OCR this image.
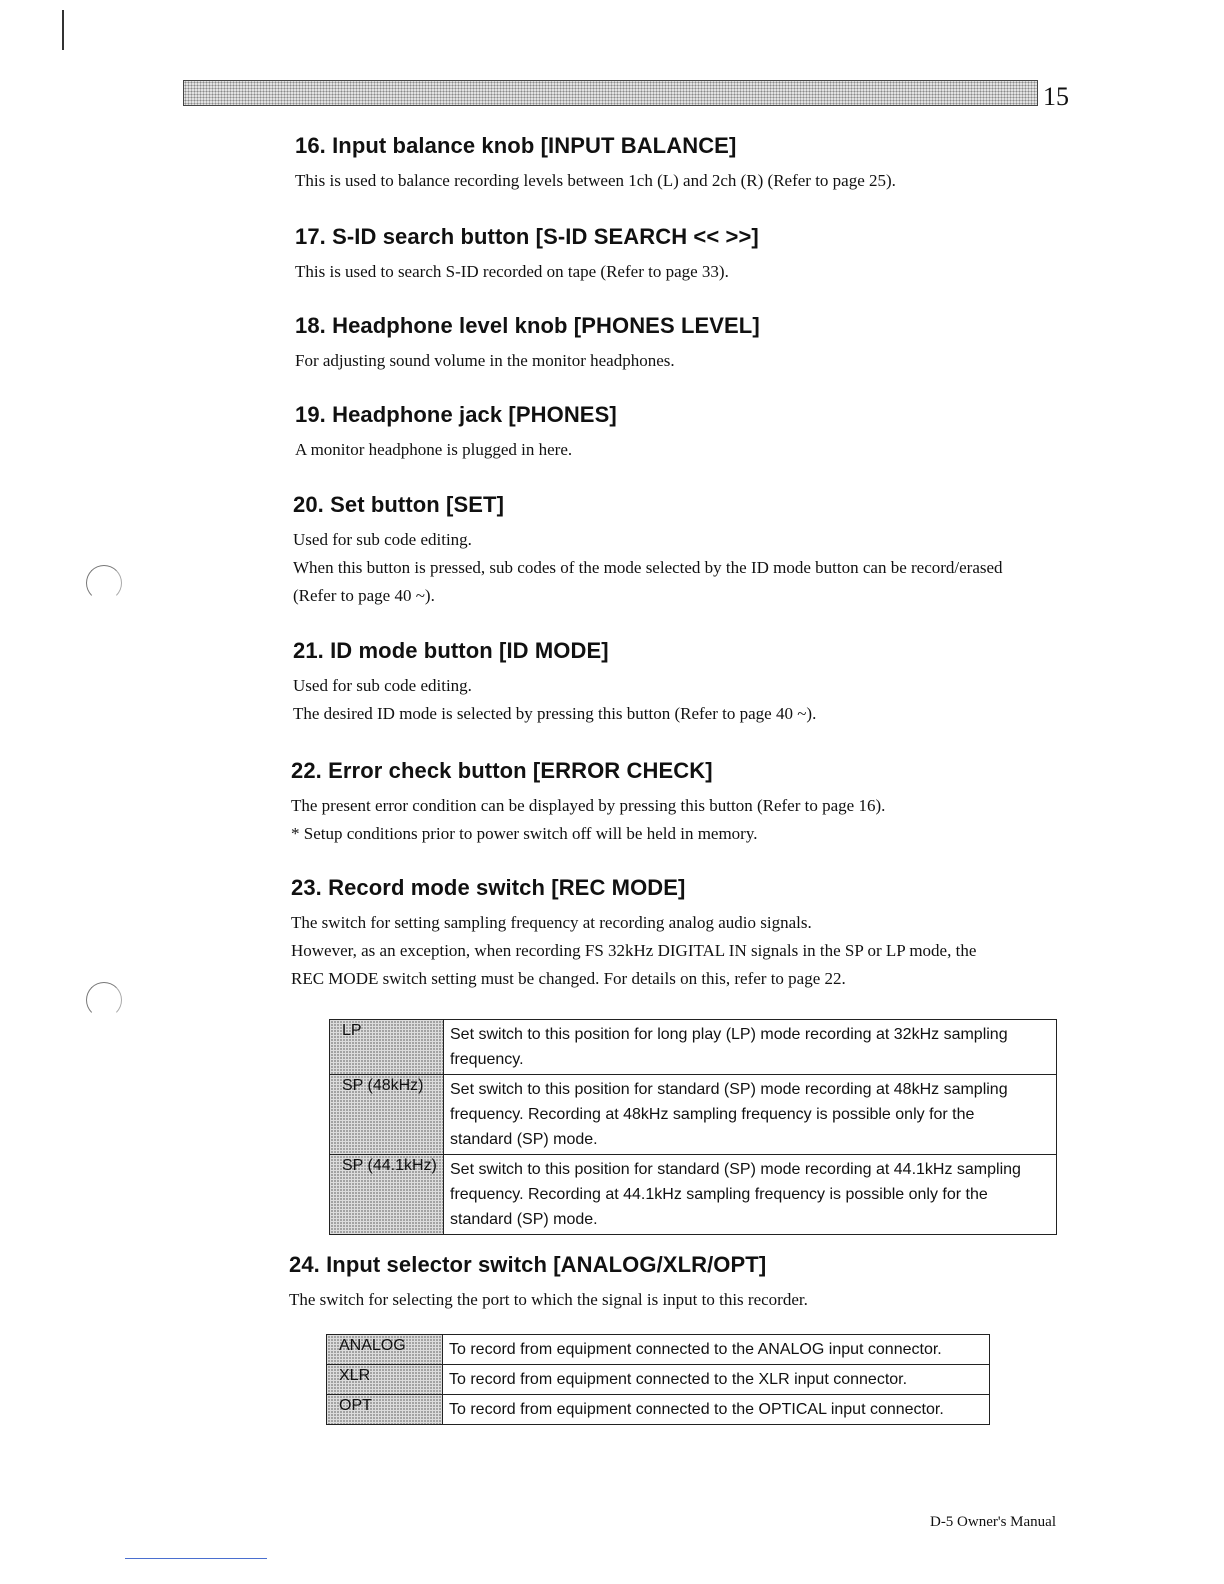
15
16. Input balance knob [INPUT BALANCE]

This is used to balance recording levels between 1ch (L) and 2ch (R) (Refer to page 25).

17. S-ID search button [S-ID SEARCH << >>]

This is used to search S-ID recorded on tape (Refer to page 33).

18. Headphone level knob [PHONES LEVEL]

For adjusting sound volume in the monitor headphones.

19. Headphone jack [PHONES]

A monitor headphone is plugged in here.

20. Set button [SET]

Used for sub code editing.

When this button is pressed, sub codes of the mode selected by the ID mode button can be record/erased

(Refer to page 40 ~).

21. ID mode button [ID MODE]

Used for sub code editing.

The desired ID mode is selected by pressing this button (Refer to page 40 ~).

22. Error check button [ERROR CHECK]

The present error condition can be displayed by pressing this button (Refer to page 16).

* Setup conditions prior to power switch off will be held in memory.

23. Record mode switch [REC MODE]

The switch for setting sampling frequency at recording analog audio signals.

However, as an exception, when recording FS 32kHz DIGITAL IN signals in the SP or LP mode, the

REC MODE switch setting must be changed. For details on this, refer to page 22.

LP	Set switch to this position for long play (LP) mode recording at 32kHz sampling
frequency.

SP (48kHz)	Set switch to this position for standard (SP) mode recording at 48kHz sampling
frequency. Recording at 48kHz sampling frequency is possible only for the
standard (SP) mode.

SP (44.1kHz)	Set switch to this position for standard (SP) mode recording at 44.1kHz sampling
frequency. Recording at 44.1kHz sampling frequency is possible only for the
standard (SP) mode.
24. Input selector switch [ANALOG/XLR/OPT]

The switch for selecting the port to which the signal is input to this recorder.

ANALOG	To record from equipment connected to the ANALOG input connector.
XLR	To record from equipment connected to the XLR input connector.
OPT	To record from equipment connected to the OPTICAL input connector.
D-5 Owner's Manual
